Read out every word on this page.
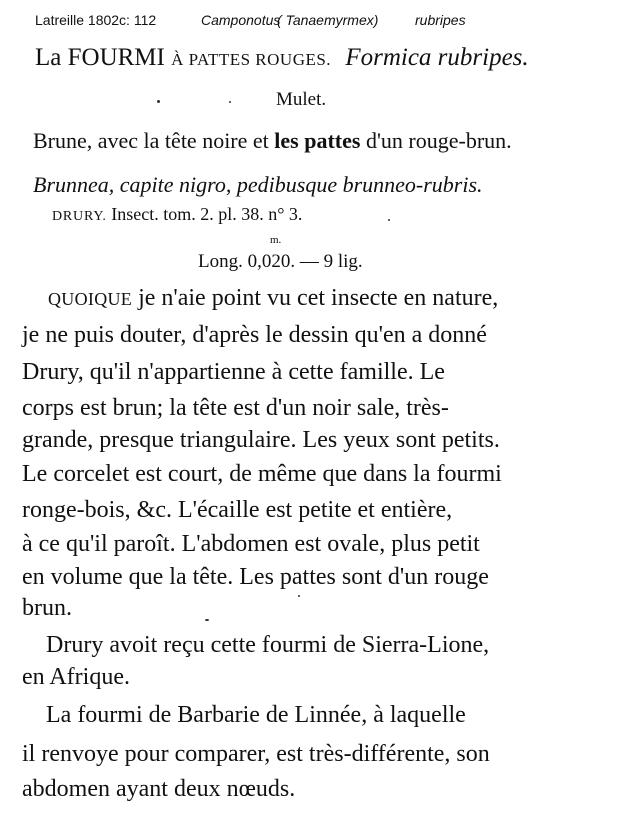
Latreille 1802c: 112	Camponotus
( Tanaemyrmex)	rubripes
La FOURMI À PATTES ROUGES. Formica rubripes.
Mulet.
Brune, avec la tête noire et les pattes d'un rouge-brun.
Brunnea, capite nigro, pedibusque brunneo-rubris.
DRURY. Insect. tom. 2. pl. 38. n° 3.
m.
Long. 0,020. — 9 lig.
QUOIQUE je n'aie point vu cet insecte en nature,
je ne puis douter, d'après le dessin qu'en a donné
Drury, qu'il n'appartienne à cette famille. Le
corps est brun; la tête est d'un noir sale, très-
grande, presque triangulaire. Les yeux sont petits.
Le corcelet est court, de même que dans la fourmi
ronge-bois, &c. L'écaille est petite et entière,
à ce qu'il paroît. L'abdomen est ovale, plus petit
en volume que la tête. Les pattes sont d'un rouge
brun.
Drury avoit reçu cette fourmi de Sierra-Lione,
en Afrique.
La fourmi de Barbarie de Linnée, à laquelle
il renvoye pour comparer, est très-différente, son
abdomen ayant deux nœuds.
